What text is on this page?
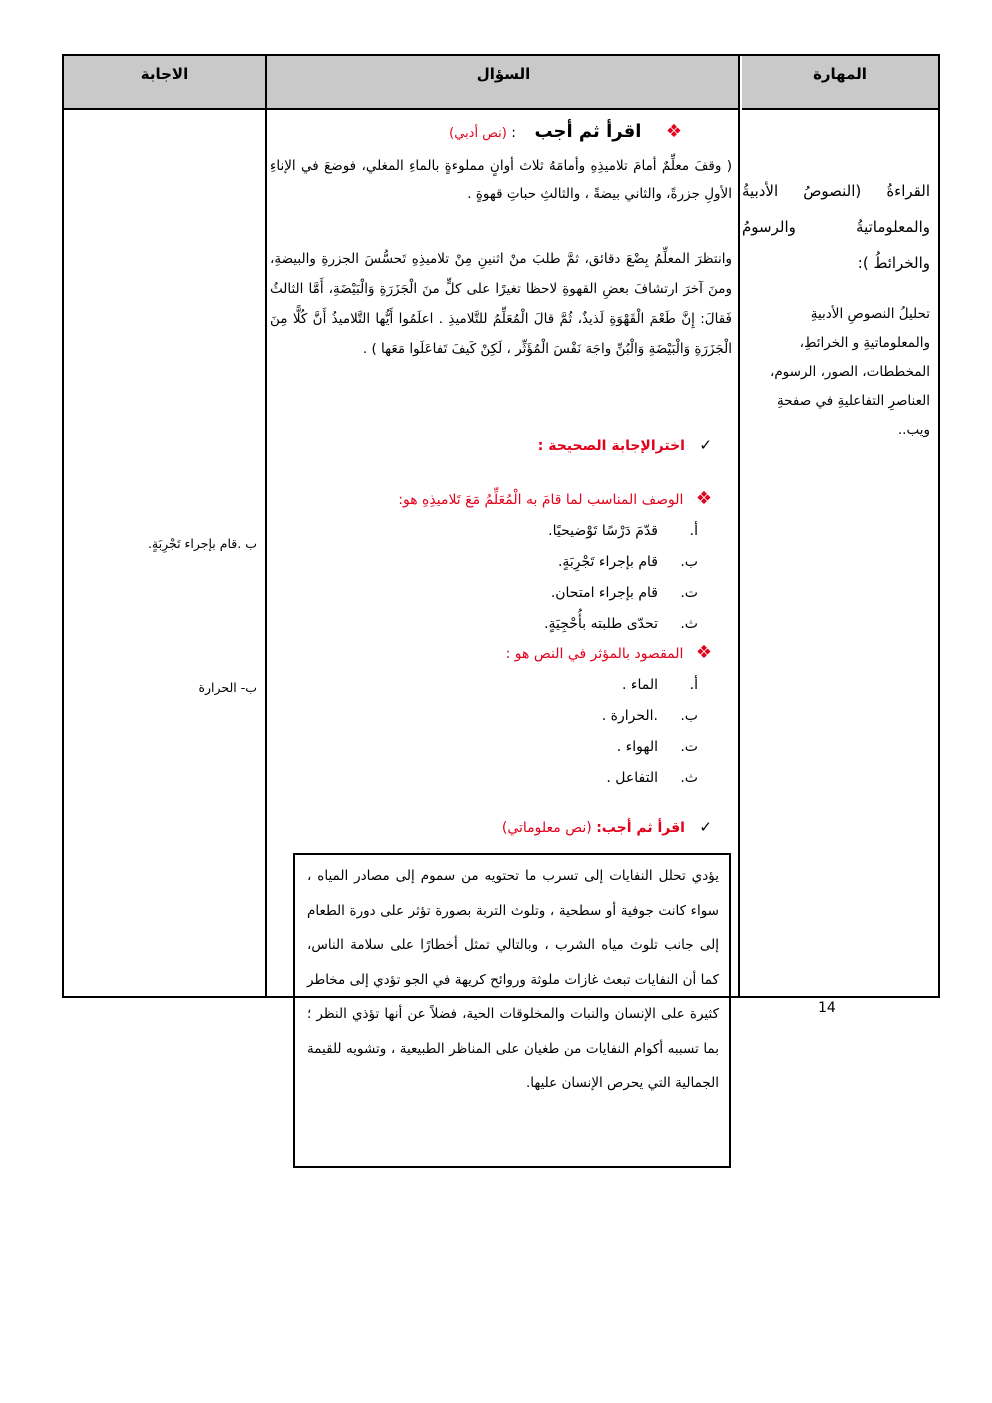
الاجابة	السؤال	المهارة
القراءةُ (النصوصُ الأدبيةُ والمعلوماتيةُ والرسومُ والخرائطُ ):
تحليلُ النصوصِ الأدبيةِ والمعلوماتيةِ و الخرائطِ، المخططات، الصور، الرسوم، العناصرِ التفاعليةِ في صفحةِ ويب..
❖ اقرأ ثم أجب : (نص أدبي)
( وقفَ معلِّمٌ أمامَ تلاميذِهِ وأمامَهُ ثلاث أوانٍ مملوءةٍ بالماءِ المغلي، فوضعَ في الإناءِ الأولِ جزرةً، والثاني بيضةً ، والثالثِ حباتِ قهوةٍ .
وانتظرَ المعلِّمُ بِضْعَ دقائق، ثمَّ طلبَ منْ اثنينِ مِنْ تلاميذِهِ تَحسُّسَ الجزرةِ والبيضةِ، ومنَ آخرَ ارتشافَ بعضِ القهوةِ لاحظا تغيرًا على كلٍّ منَ الْجَزَرَةِ وَالْبَيْضَةِ، أَمَّا الثالثُ فَقالَ: إِنَّ طَعْمَ الْقَهْوَةِ لَذيذٌ، ثُمَّ قالَ الْمُعَلِّمُ للتَّلاميذِ . اعلَمُوا أَيُّها التَّلاميذُ أَنَّ كُلًّا مِنَ الْجَزَرَةِ وَالْبَيْضَةِ وَالْبُنِّ واجَهَ نَفْسَ الْمُؤَثِّر ، لَكِنْ كَيفَ تَفاعَلَوا مَعَها ) .
✓ اخترالإجابة الصحيحة :
❖ الوصف المناسب لما قامَ به الْمُعَلِّمُ مَعَ تَلاميذِهِ هو:
أ.
قدّمَ دَرْسًا تَوْضيحيًا.
ب.
قام بإجراء تَجْرِبَةٍ.
ت.
قام بإجراء امتحان.
ث.
تحدّى طلبته بأُحْجِيَةٍ.
❖ المقصود بالمؤثر في النص هو :
أ.
الماء .
ب.
.الحرارة .
ت.
الهواء .
ث.
التفاعل .
✓ اقرأ ثم أجب: (نص معلوماتي)
يؤدي تحلل النفايات إلى تسرب ما تحتويه من سموم إلى مصادر المياه ، سواء كانت جوفية أو سطحية ، وتلوث التربة بصورة تؤثر على دورة الطعام إلى جانب تلوث مياه الشرب ، وبالتالي تمثل أخطارًا على سلامة الناس، كما أن النفايات تبعث غازات ملوثة وروائح كريهة في الجو تؤدي إلى مخاطر كثيرة على الإنسان والنبات والمخلوقات الحية، فضلاً عن أنها تؤذي النظر ؛ بما تسببه أكوام النفايات من طغيان على المناظر الطبيعية ، وتشويه للقيمة الجمالية التي يحرص الإنسان عليها.
ب .قام بإجراء تَجْرِبَةٍ.
ب- الحرارة
14
